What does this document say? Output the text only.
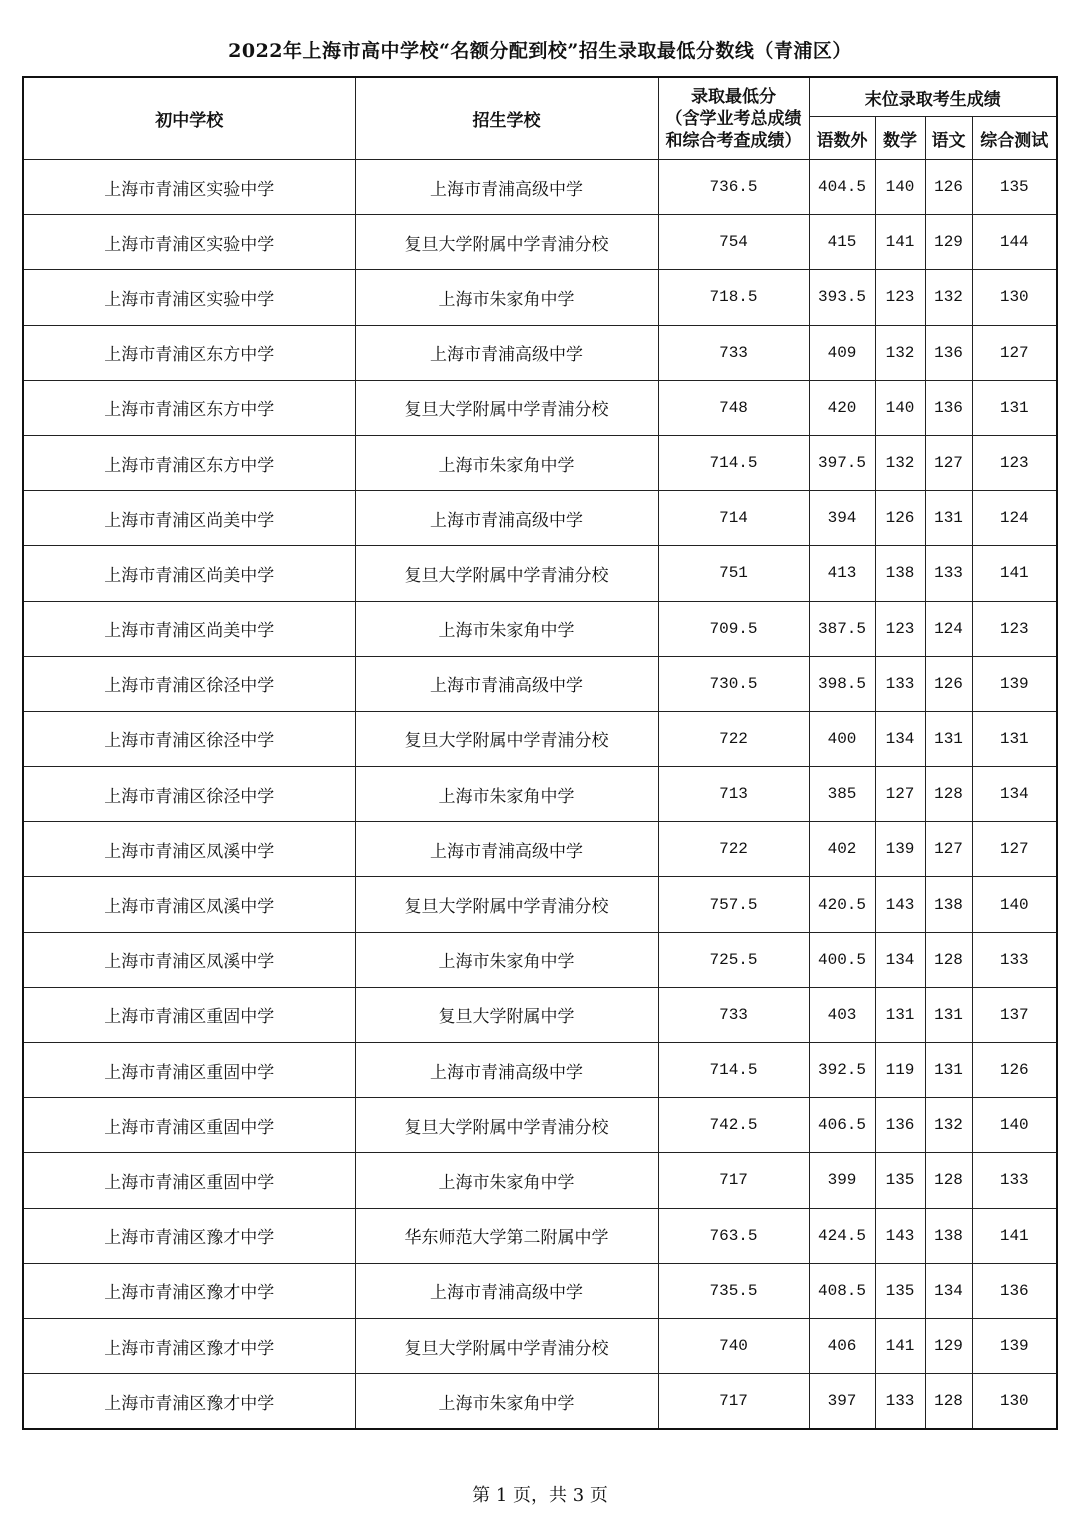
2022年上海市高中学校“名额分配到校”招生录取最低分数线（青浦区）
初中学校	招生学校	录取最低分
（含学业考总成绩
和综合考查成绩）	末位录取考生成绩			
			语数外	数学	语文	综合测试
上海市青浦区实验中学	上海市青浦高级中学	736.5	404.5	140	126	135
上海市青浦区实验中学	复旦大学附属中学青浦分校	754	415	141	129	144
上海市青浦区实验中学	上海市朱家角中学	718.5	393.5	123	132	130
上海市青浦区东方中学	上海市青浦高级中学	733	409	132	136	127
上海市青浦区东方中学	复旦大学附属中学青浦分校	748	420	140	136	131
上海市青浦区东方中学	上海市朱家角中学	714.5	397.5	132	127	123
上海市青浦区尚美中学	上海市青浦高级中学	714	394	126	131	124
上海市青浦区尚美中学	复旦大学附属中学青浦分校	751	413	138	133	141
上海市青浦区尚美中学	上海市朱家角中学	709.5	387.5	123	124	123
上海市青浦区徐泾中学	上海市青浦高级中学	730.5	398.5	133	126	139
上海市青浦区徐泾中学	复旦大学附属中学青浦分校	722	400	134	131	131
上海市青浦区徐泾中学	上海市朱家角中学	713	385	127	128	134
上海市青浦区凤溪中学	上海市青浦高级中学	722	402	139	127	127
上海市青浦区凤溪中学	复旦大学附属中学青浦分校	757.5	420.5	143	138	140
上海市青浦区凤溪中学	上海市朱家角中学	725.5	400.5	134	128	133
上海市青浦区重固中学	复旦大学附属中学	733	403	131	131	137
上海市青浦区重固中学	上海市青浦高级中学	714.5	392.5	119	131	126
上海市青浦区重固中学	复旦大学附属中学青浦分校	742.5	406.5	136	132	140
上海市青浦区重固中学	上海市朱家角中学	717	399	135	128	133
上海市青浦区豫才中学	华东师范大学第二附属中学	763.5	424.5	143	138	141
上海市青浦区豫才中学	上海市青浦高级中学	735.5	408.5	135	134	136
上海市青浦区豫才中学	复旦大学附属中学青浦分校	740	406	141	129	139
上海市青浦区豫才中学	上海市朱家角中学	717	397	133	128	130
第 1 页，共 3 页
